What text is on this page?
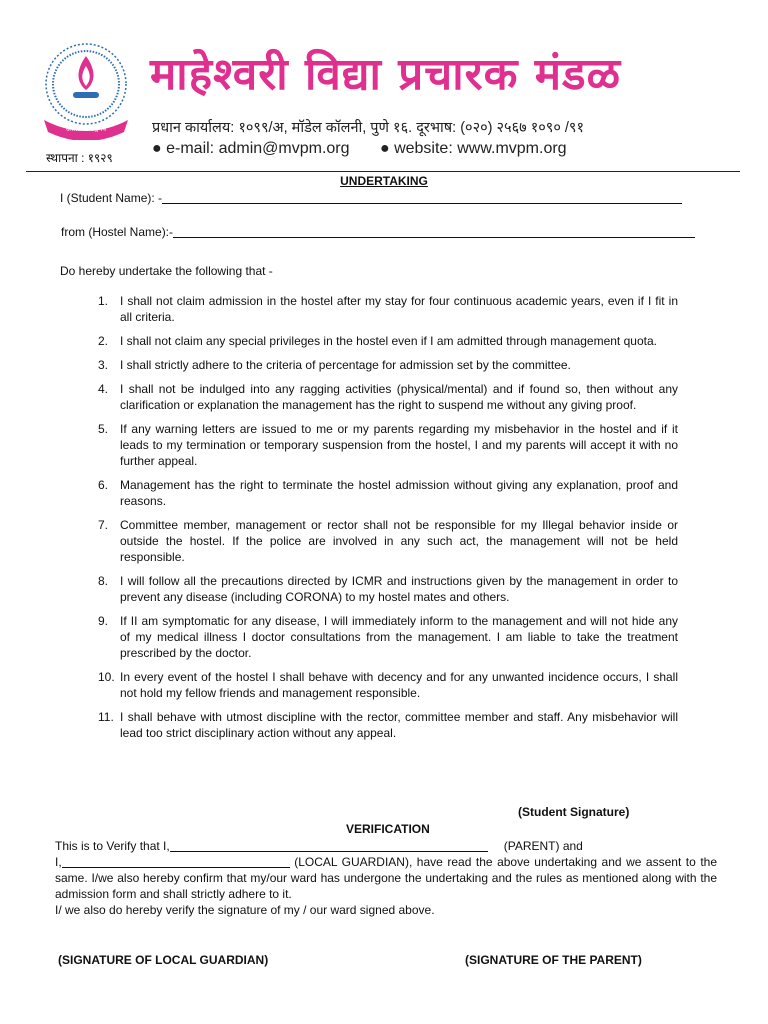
असतो मा सद्गमय
स्थापना : १९२९
माहेश्वरी विद्या प्रचारक मंडळ
प्रधान कार्यालय: १०९९/अ, मॉडेल कॉलनी, पुणे १६. दूरभाष: (०२०) २५६७ १०९० /९१
● e-mail: admin@mvpm.org ● website: www.mvpm.org
UNDERTAKING
I (Student Name): -
from (Hostel Name):-
Do hereby undertake the following that -
1. I shall not claim admission in the hostel after my stay for four continuous academic years, even if I fit in all criteria.
2. I shall not claim any special privileges in the hostel even if I am admitted through management quota.
3. I shall strictly adhere to the criteria of percentage for admission set by the committee.
4. I shall not be indulged into any ragging activities (physical/mental) and if found so, then without any clarification or explanation the management has the right to suspend me without any giving proof.
5. If any warning letters are issued to me or my parents regarding my misbehavior in the hostel and if it leads to my termination or temporary suspension from the hostel, I and my parents will accept it with no further appeal.
6. Management has the right to terminate the hostel admission without giving any explanation, proof and reasons.
7. Committee member, management or rector shall not be responsible for my Illegal behavior inside or outside the hostel. If the police are involved in any such act, the management will not be held responsible.
8. I will follow all the precautions directed by ICMR and instructions given by the management in order to prevent any disease (including CORONA) to my hostel mates and others.
9. If II am symptomatic for any disease, I will immediately inform to the management and will not hide any of my medical illness I doctor consultations from the management. I am liable to take the treatment prescribed by the doctor.
10. In every event of the hostel I shall behave with decency and for any unwanted incidence occurs, I shall not hold my fellow friends and management responsible.
11. I shall behave with utmost discipline with the rector, committee member and staff. Any misbehavior will lead too strict disciplinary action without any appeal.
(Student Signature)
VERIFICATION

This is to Verify that I,	(PARENT) and

I,	(LOCAL GUARDIAN), have read the above undertaking and we assent to the same. I/we also hereby confirm that my/our ward has undergone the undertaking and the rules as mentioned along with the admission form and shall strictly adhere to it.

I/ we also do hereby verify the signature of my / our ward signed above.

(SIGNATURE OF LOCAL GUARDIAN)	(SIGNATURE OF THE PARENT)
